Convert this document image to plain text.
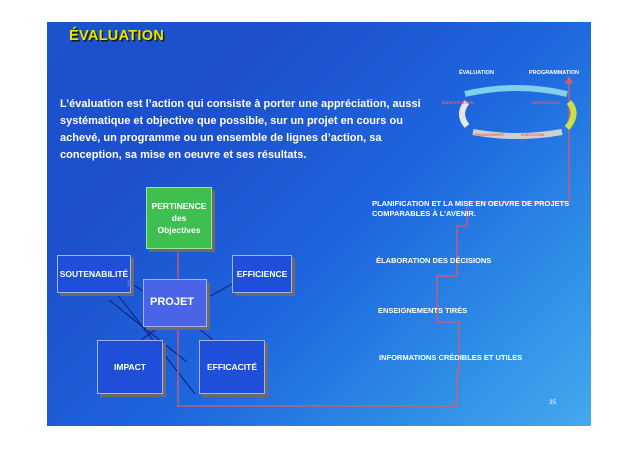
ÉVALUATION
L’évaluation est l’action qui consiste à porter une appréciation, aussi systématique et objective que possible, sur un projet en cours ou achevé, un programme ou un ensemble de lignes d’action, sa conception, sa mise en oeuvre et ses résultats.
ÉVALUATION	PROGRAMMATION
IDENTIFICATION	INSTRUCTION
FINANCEMENT	EXÉCUTION
PERTINENCE
des
Objectives
SOUTENABILITÉ
E
PROJET
EFFICIENCE
IMPACT	EFFICACITÉ
INFORMATIONS CRÉDIBLES ET UTILES
ENSEIGNEMENTS TIRÉS
ÉLABORATION DES DÉCISIONS
PLANIFICATION ET LA MISE EN OEUVRE DE PROJETS COMPARABLES À L’AVENIR.
35
